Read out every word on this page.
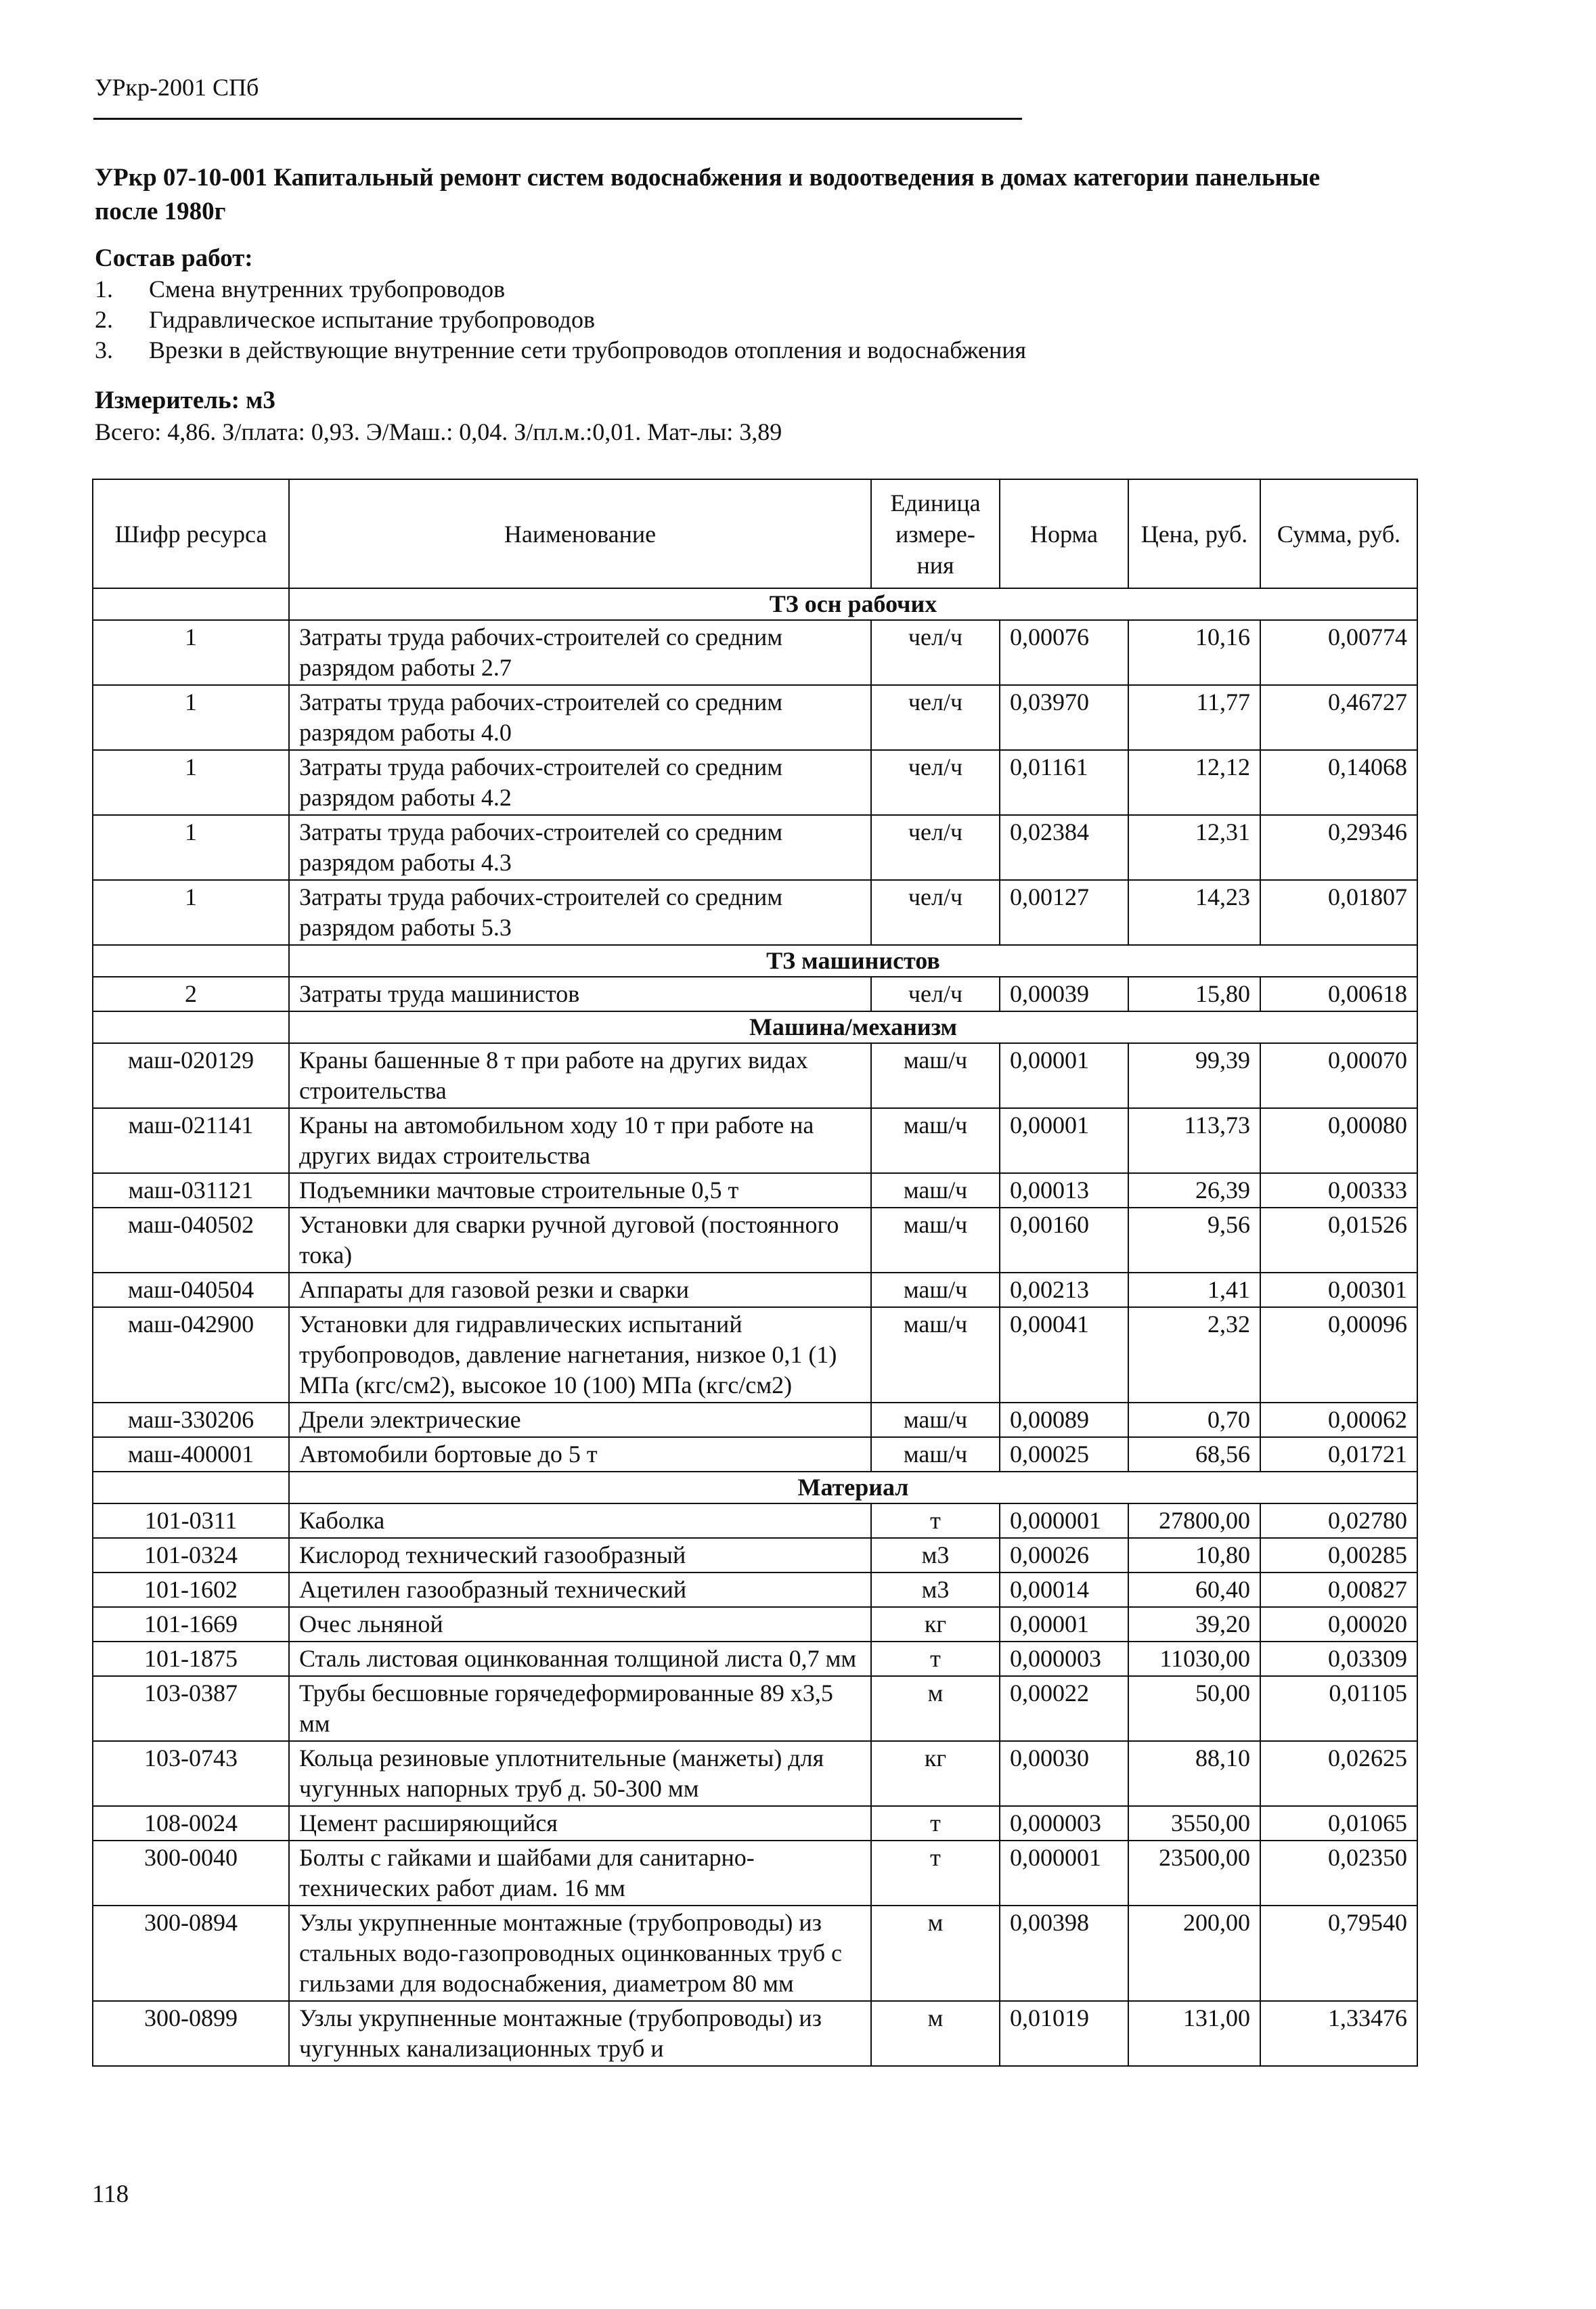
УРкр-2001 СПб
УРкр 07-10-001 Капитальный ремонт систем водоснабжения и водоотведения в домах категории панельные после 1980г
Состав работ:
1.	Смена внутренних трубопроводов
2.	Гидравлическое испытание трубопроводов
3.	Врезки в действующие внутренние сети трубопроводов отопления и водоснабжения
Измеритель: м3
Всего: 4,86. З/плата: 0,93. Э/Маш.: 0,04. З/пл.м.:0,01. Мат-лы: 3,89
Шифр ресурса	Наименование	Единица измере-ния	Норма	Цена, руб.	Сумма, руб.
	ТЗ осн рабочих				
1	Затраты труда рабочих-строителей со средним разрядом работы 2.7	чел/ч	0,00076	10,16	0,00774
1	Затраты труда рабочих-строителей со средним разрядом работы 4.0	чел/ч	0,03970	11,77	0,46727
1	Затраты труда рабочих-строителей со средним разрядом работы 4.2	чел/ч	0,01161	12,12	0,14068
1	Затраты труда рабочих-строителей со средним разрядом работы 4.3	чел/ч	0,02384	12,31	0,29346
1	Затраты труда рабочих-строителей со средним разрядом работы 5.3	чел/ч	0,00127	14,23	0,01807
	ТЗ машинистов				
2	Затраты труда машинистов	чел/ч	0,00039	15,80	0,00618
	Машина/механизм				
маш-020129	Краны башенные 8 т при работе на других видах строительства	маш/ч	0,00001	99,39	0,00070
маш-021141	Краны на автомобильном ходу 10 т при работе на других видах строительства	маш/ч	0,00001	113,73	0,00080
маш-031121	Подъемники мачтовые строительные 0,5 т	маш/ч	0,00013	26,39	0,00333
маш-040502	Установки для сварки ручной дуговой (постоянного тока)	маш/ч	0,00160	9,56	0,01526
маш-040504	Аппараты для газовой резки и сварки	маш/ч	0,00213	1,41	0,00301
маш-042900	Установки для гидравлических испытаний трубопроводов, давление нагнетания, низкое 0,1 (1) МПа (кгс/см2), высокое 10 (100) МПа (кгс/см2)	маш/ч	0,00041	2,32	0,00096
маш-330206	Дрели электрические	маш/ч	0,00089	0,70	0,00062
маш-400001	Автомобили бортовые до 5 т	маш/ч	0,00025	68,56	0,01721
	Материал				
101-0311	Каболка	т	0,000001	27800,00	0,02780
101-0324	Кислород технический газообразный	м3	0,00026	10,80	0,00285
101-1602	Ацетилен газообразный технический	м3	0,00014	60,40	0,00827
101-1669	Очес льняной	кг	0,00001	39,20	0,00020
101-1875	Сталь листовая оцинкованная толщиной листа 0,7 мм	т	0,000003	11030,00	0,03309
103-0387	Трубы бесшовные горячедеформированные 89 х3,5 мм	м	0,00022	50,00	0,01105
103-0743	Кольца резиновые уплотнительные (манжеты) для чугунных напорных труб д. 50-300 мм	кг	0,00030	88,10	0,02625
108-0024	Цемент расширяющийся	т	0,000003	3550,00	0,01065
300-0040	Болты с гайками и шайбами для санитарно-технических работ диам. 16 мм	т	0,000001	23500,00	0,02350
300-0894	Узлы укрупненные монтажные (трубопроводы) из стальных водо-газопроводных оцинкованных труб с гильзами для водоснабжения, диаметром 80 мм	м	0,00398	200,00	0,79540
300-0899	Узлы укрупненные монтажные (трубопроводы) из чугунных канализационных труб и	м	0,01019	131,00	1,33476
118
